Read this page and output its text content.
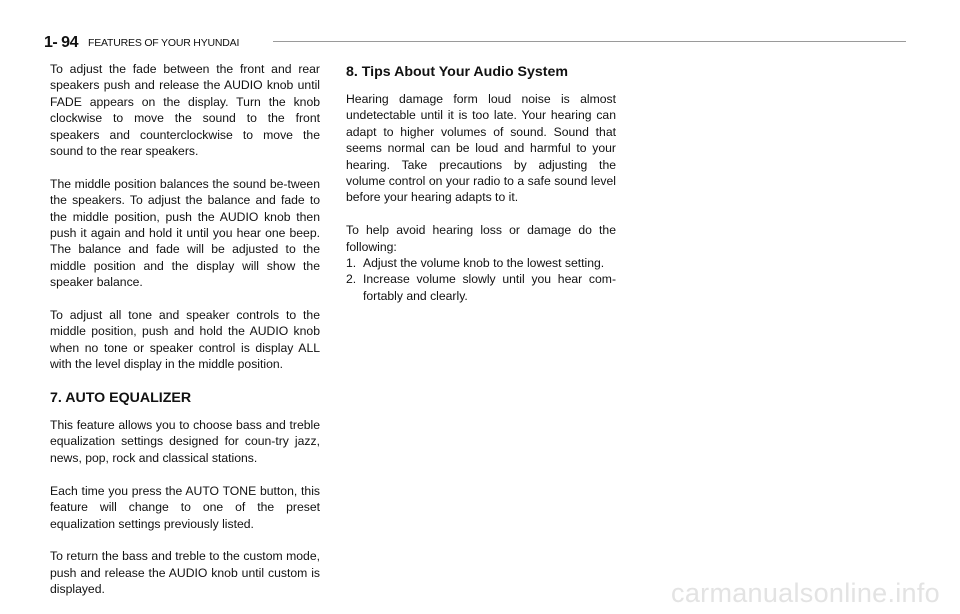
1- 94 FEATURES OF YOUR HYUNDAI

To adjust the fade between the front and rear speakers push and release the AUDIO knob until FADE appears on the display. Turn the knob clockwise to move the sound to the front speakers and counterclockwise to move the sound to the rear speakers.

The middle position balances the sound be-tween the speakers. To adjust the balance and fade to the middle position, push the AUDIO knob then push it again and hold it until you hear one beep. The balance and fade will be adjusted to the middle position and the display will show the speaker balance.

To adjust all tone and speaker controls to the middle position, push and hold the AUDIO knob when no tone or speaker control is display ALL with the level display in the middle position.

7. AUTO EQUALIZER

This feature allows you to choose bass and treble equalization settings designed for coun-try jazz, news, pop, rock and classical stations.

Each time you press the AUTO TONE button, this feature will change to one of the preset equalization settings previously listed.

To return the bass and treble to the custom mode, push and release the AUDIO knob until custom is displayed.

8. Tips About Your Audio System

Hearing damage form loud noise is almost undetectable until it is too late. Your hearing can adapt to higher volumes of sound. Sound that seems normal can be loud and harmful to your hearing. Take precautions by adjusting the volume control on your radio to a safe sound level before your hearing adapts to it.

To help avoid hearing loss or damage do the following:

1. Adjust the volume knob to the lowest setting.
2. Increase volume slowly until you hear com-fortably and clearly.
carmanualsonline.info
